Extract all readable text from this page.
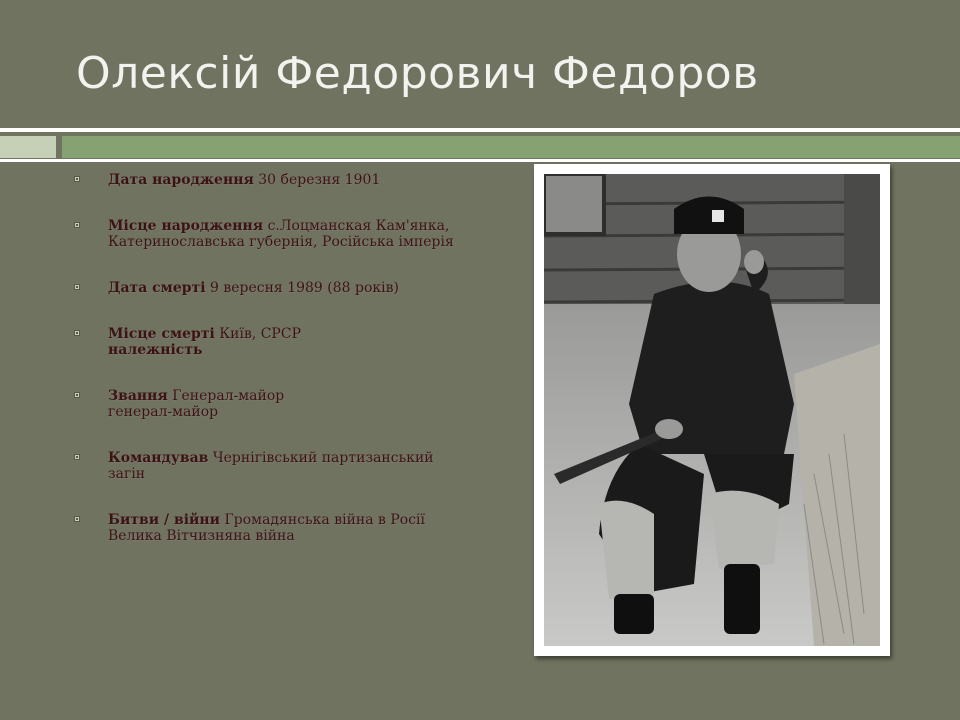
Олексій Федорович Федоров
Дата народження 30 березня 1901
Місце народження с.Лоцманская Кам'янка, Катеринославська губернія, Російська імперія
Дата смерті 9 вересня 1989 (88 років)
Місце смерті Київ, СРСР
належність
Звання Генерал-майор
генерал-майор
Командував Чернігівський партизанський загін
Битви / війни Громадянська війна в Росії
Велика Вітчизняна війна
